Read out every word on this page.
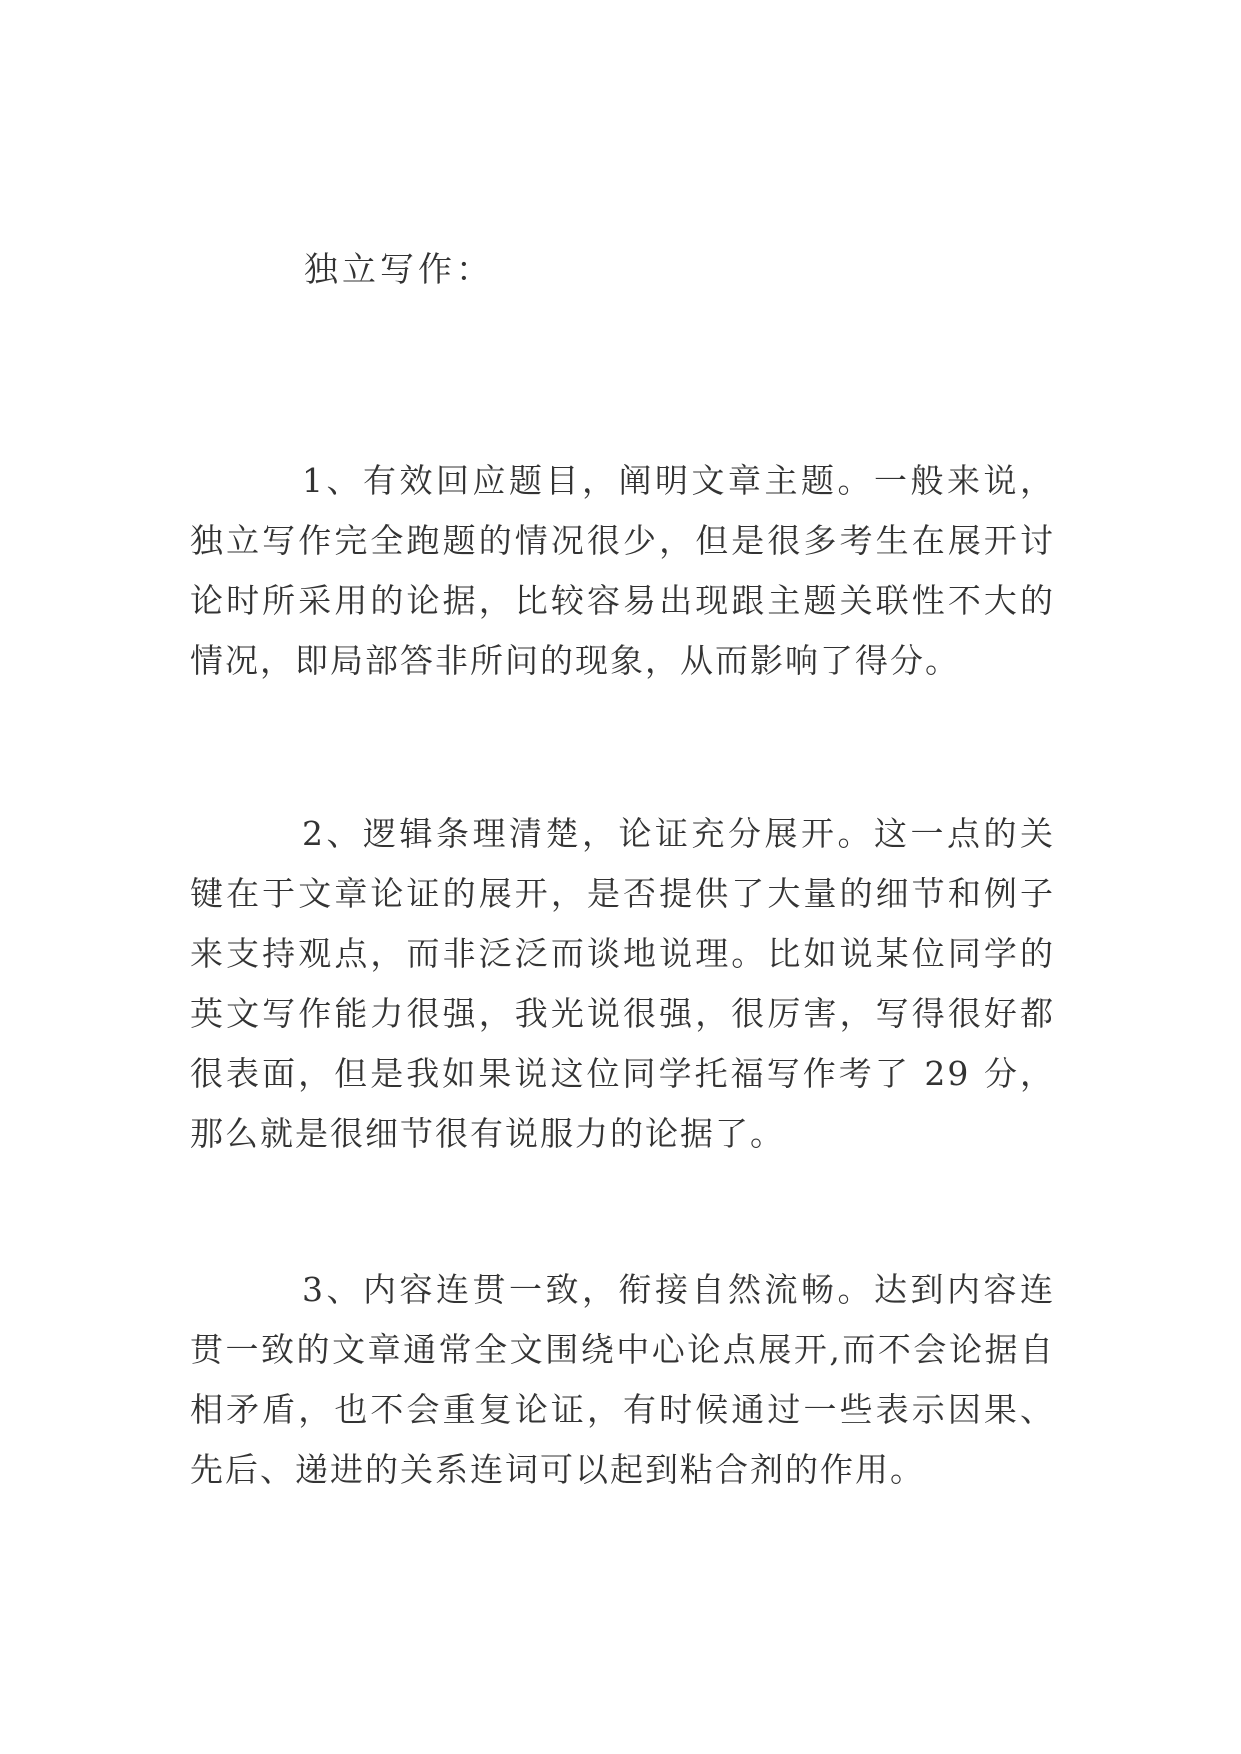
独立写作：

1、有效回应题目，阐明文章主题。一般来说，独立写作完全跑题的情况很少，但是很多考生在展开讨论时所采用的论据，比较容易出现跟主题关联性不大的情况，即局部答非所问的现象，从而影响了得分。

2、逻辑条理清楚，论证充分展开。这一点的关键在于文章论证的展开，是否提供了大量的细节和例子来支持观点，而非泛泛而谈地说理。比如说某位同学的英文写作能力很强，我光说很强，很厉害，写得很好都很表面，但是我如果说这位同学托福写作考了 29 分，那么就是很细节很有说服力的论据了。

3、内容连贯一致，衔接自然流畅。达到内容连贯一致的文章通常全文围绕中心论点展开,而不会论据自相矛盾，也不会重复论证，有时候通过一些表示因果、先后、递进的关系连词可以起到粘合剂的作用。
